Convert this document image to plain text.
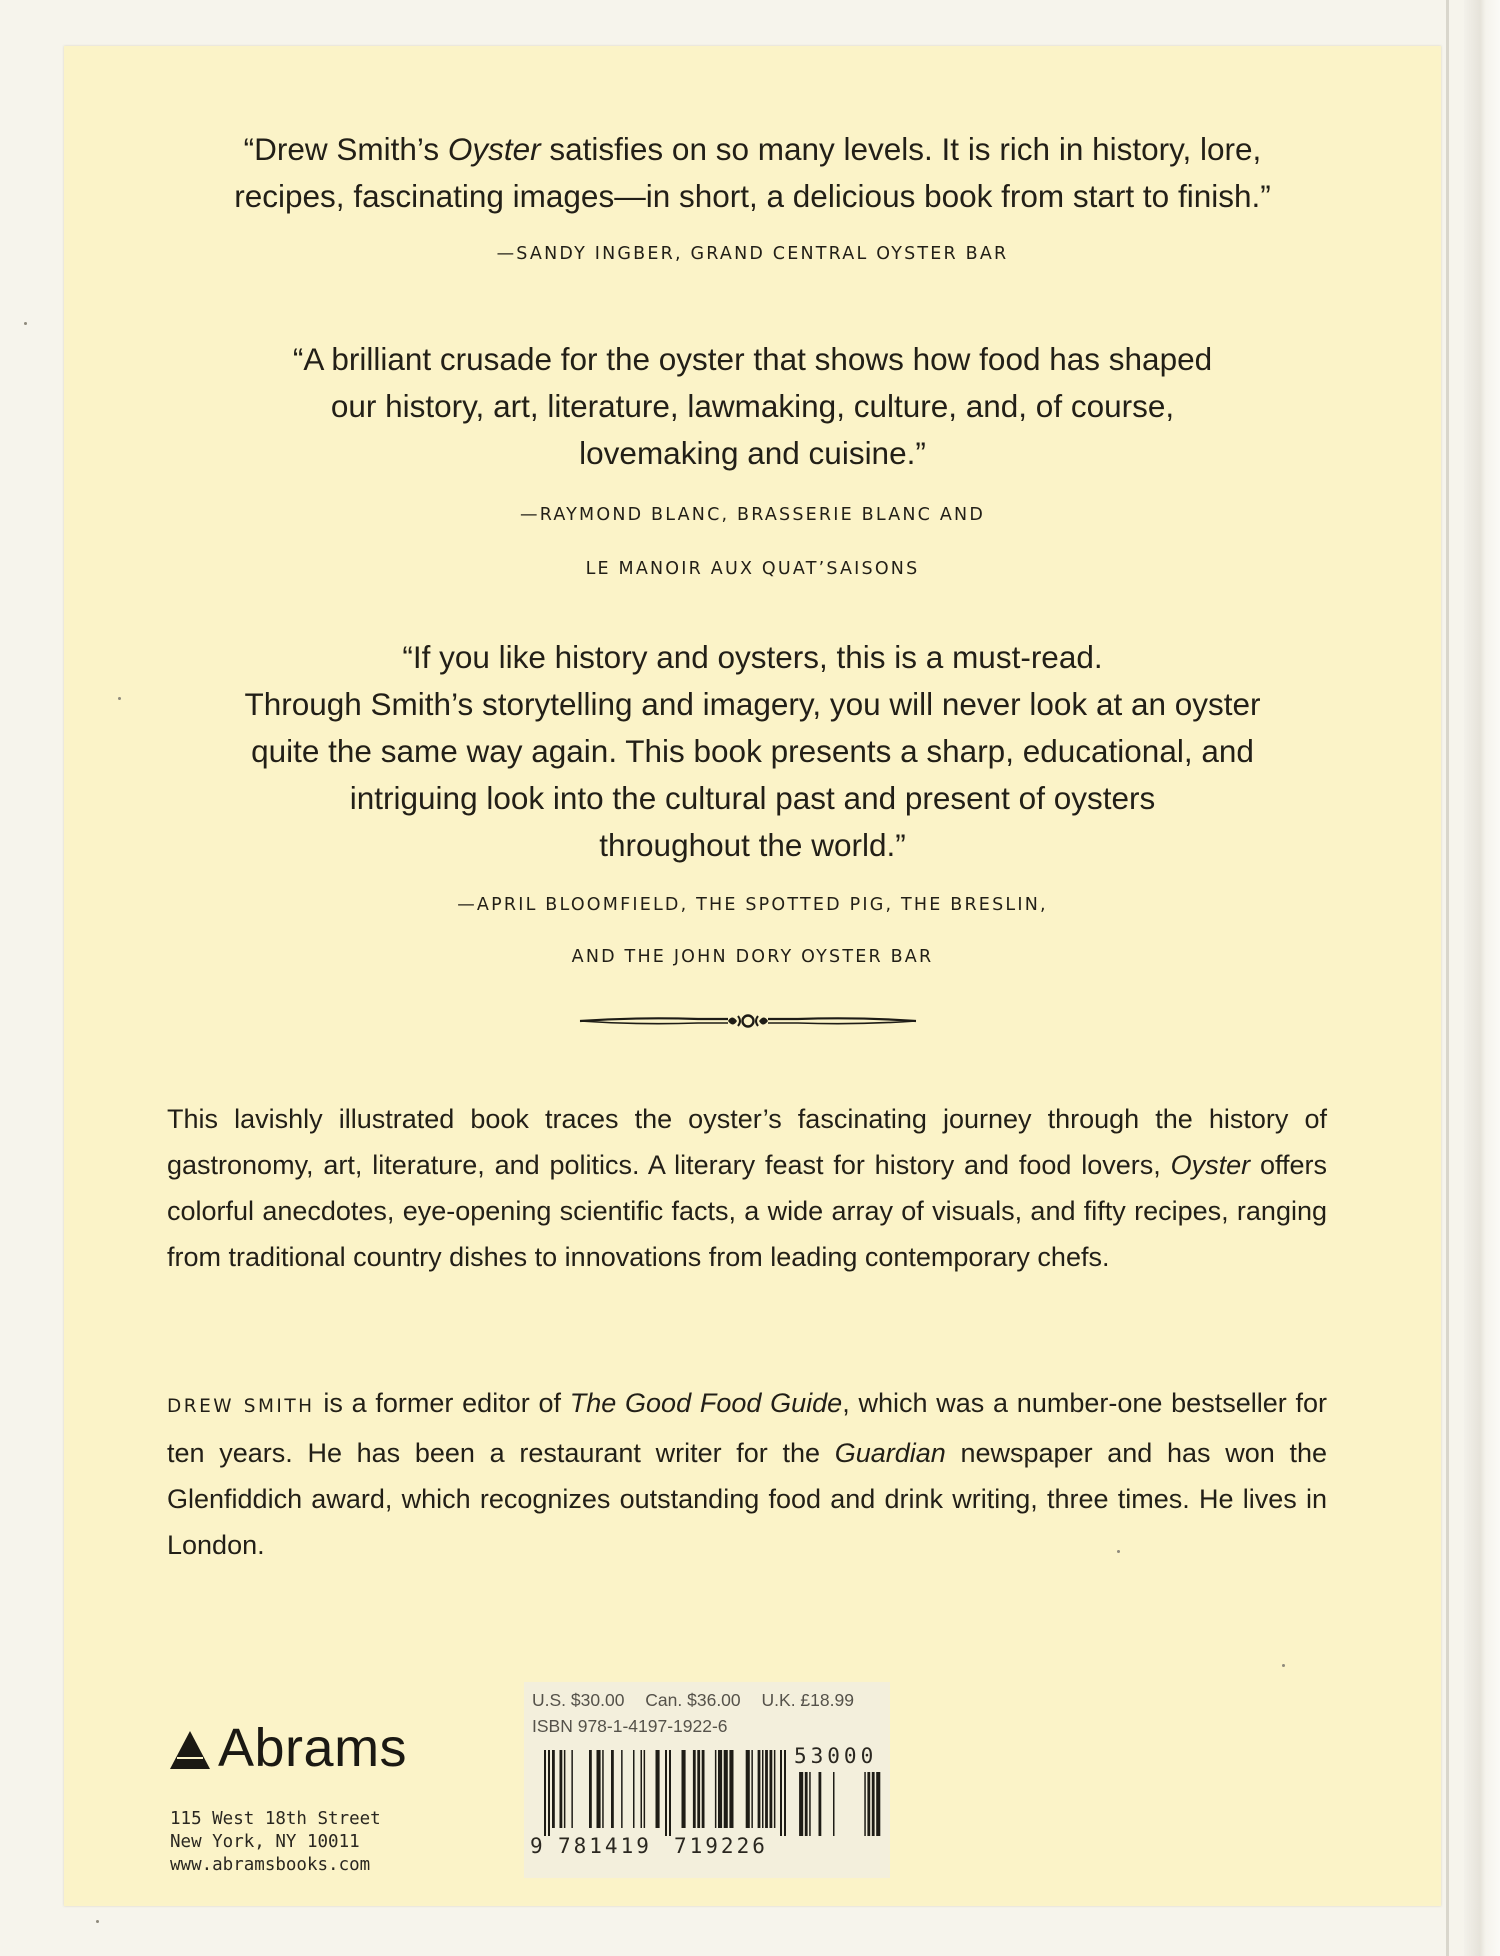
“Drew Smith’s Oyster satisfies on so many levels. It is rich in history, lore,

recipes, fascinating images—in short, a delicious book from start to finish.”

—SANDY INGBER, GRAND CENTRAL OYSTER BAR

“A brilliant crusade for the oyster that shows how food has shaped

our history, art, literature, lawmaking, culture, and, of course,

lovemaking and cuisine.”

—RAYMOND BLANC, BRASSERIE BLANC AND

LE MANOIR AUX QUAT’SAISONS

“If you like history and oysters, this is a must-read.

Through Smith’s storytelling and imagery, you will never look at an oyster

quite the same way again. This book presents a sharp, educational, and

intriguing look into the cultural past and present of oysters

throughout the world.”

—APRIL BLOOMFIELD, THE SPOTTED PIG, THE BRESLIN,

AND THE JOHN DORY OYSTER BAR

This lavishly illustrated book traces the oyster’s fascinating journey through the history of gastronomy, art, literature, and politics. A literary feast for history and food lovers, Oyster offers colorful anecdotes, eye-opening scientific facts, a wide array of visuals, and fifty recipes, ranging from traditional country dishes to innovations from leading contemporary chefs.

DREW SMITH is a former editor of The Good Food Guide, which was a number-one bestseller for ten years. He has been a restaurant writer for the Guardian newspaper and has won the Glenfiddich award, which recognizes outstanding food and drink writing, three times. He lives in London.

Abrams
115 West 18th Street
New York, NY 10011
www.abramsbooks.com
U.S. $30.00 Can. $36.00 U.K. £18.99
ISBN 978-1-4197-1922-6
53000
9 781419 719226
